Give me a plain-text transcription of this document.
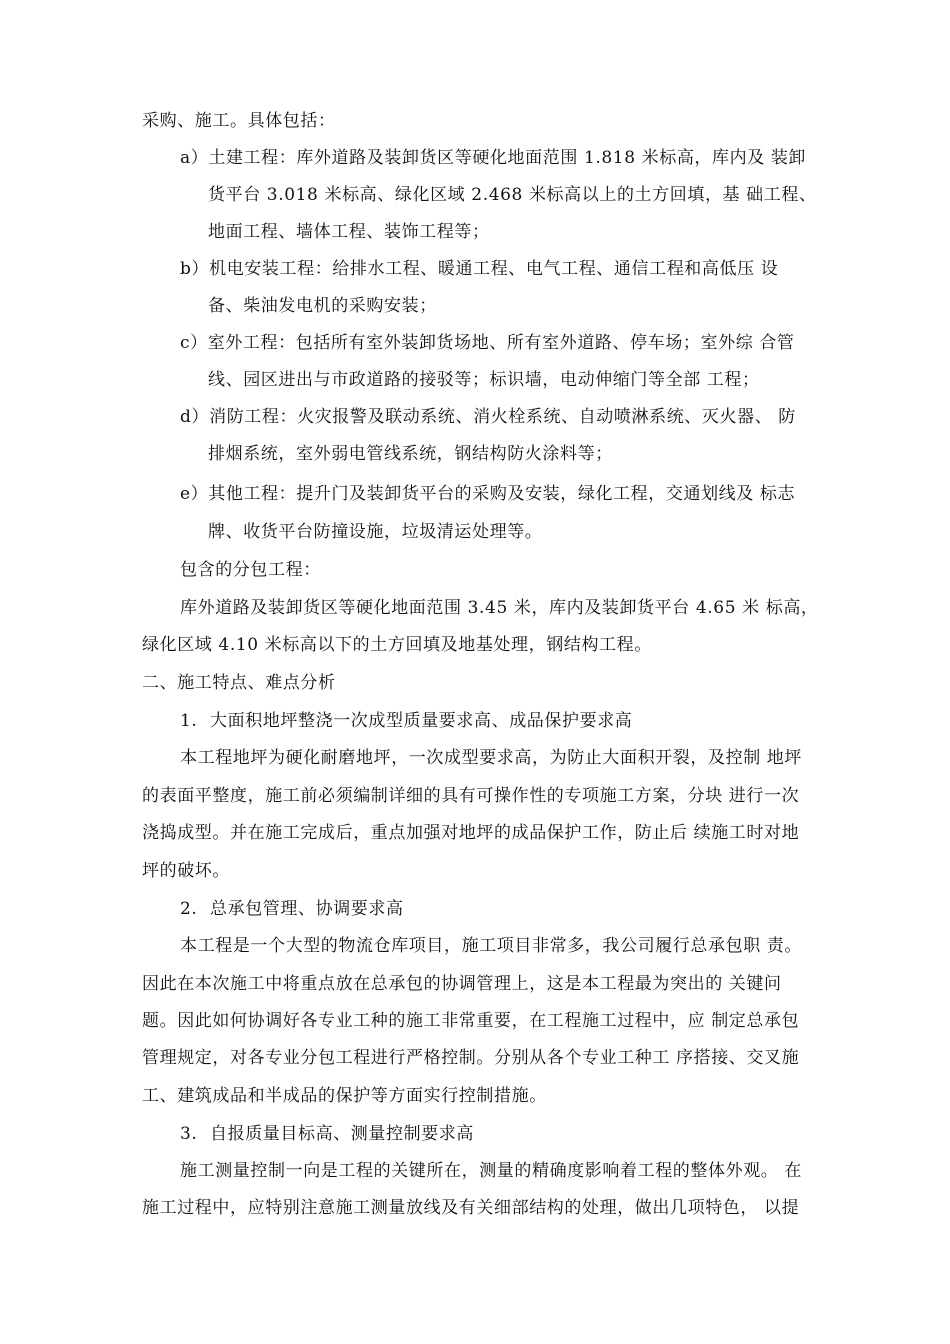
采购、施工。具体包括：
a）土建工程：库外道路及装卸货区等硬化地面范围 1.818 米标高，库内及 装卸
货平台 3.018 米标高、绿化区域 2.468 米标高以上的土方回填，基 础工程、
地面工程、墙体工程、装饰工程等；
b）机电安装工程：给排水工程、暖通工程、电气工程、通信工程和高低压 设
备、柴油发电机的采购安装；
c）室外工程：包括所有室外装卸货场地、所有室外道路、停车场；室外综 合管
线、园区进出与市政道路的接驳等；标识墙，电动伸缩门等全部 工程；
d）消防工程：火灾报警及联动系统、消火栓系统、自动喷淋系统、灭火器、 防
排烟系统，室外弱电管线系统，钢结构防火涂料等；
e）其他工程：提升门及装卸货平台的采购及安装，绿化工程，交通划线及 标志
牌、收货平台防撞设施，垃圾清运处理等。
包含的分包工程：
库外道路及装卸货区等硬化地面范围 3.45 米，库内及装卸货平台 4.65 米 标高，
绿化区域 4.10 米标高以下的土方回填及地基处理，钢结构工程。
二、施工特点、难点分析
1. 大面积地坪整浇一次成型质量要求高、成品保护要求高
本工程地坪为硬化耐磨地坪，一次成型要求高，为防止大面积开裂，及控制 地坪
的表面平整度，施工前必须编制详细的具有可操作性的专项施工方案，分块 进行一次
浇捣成型。并在施工完成后，重点加强对地坪的成品保护工作，防止后 续施工时对地
坪的破坏。
2. 总承包管理、协调要求高
本工程是一个大型的物流仓库项目，施工项目非常多，我公司履行总承包职 责。
因此在本次施工中将重点放在总承包的协调管理上，这是本工程最为突出的 关键问
题。因此如何协调好各专业工种的施工非常重要，在工程施工过程中，应 制定总承包
管理规定，对各专业分包工程进行严格控制。分别从各个专业工种工 序搭接、交叉施
工、建筑成品和半成品的保护等方面实行控制措施。
3. 自报质量目标高、测量控制要求高
施工测量控制一向是工程的关键所在，测量的精确度影响着工程的整体外观。 在
施工过程中，应特别注意施工测量放线及有关细部结构的处理，做出几项特色， 以提
